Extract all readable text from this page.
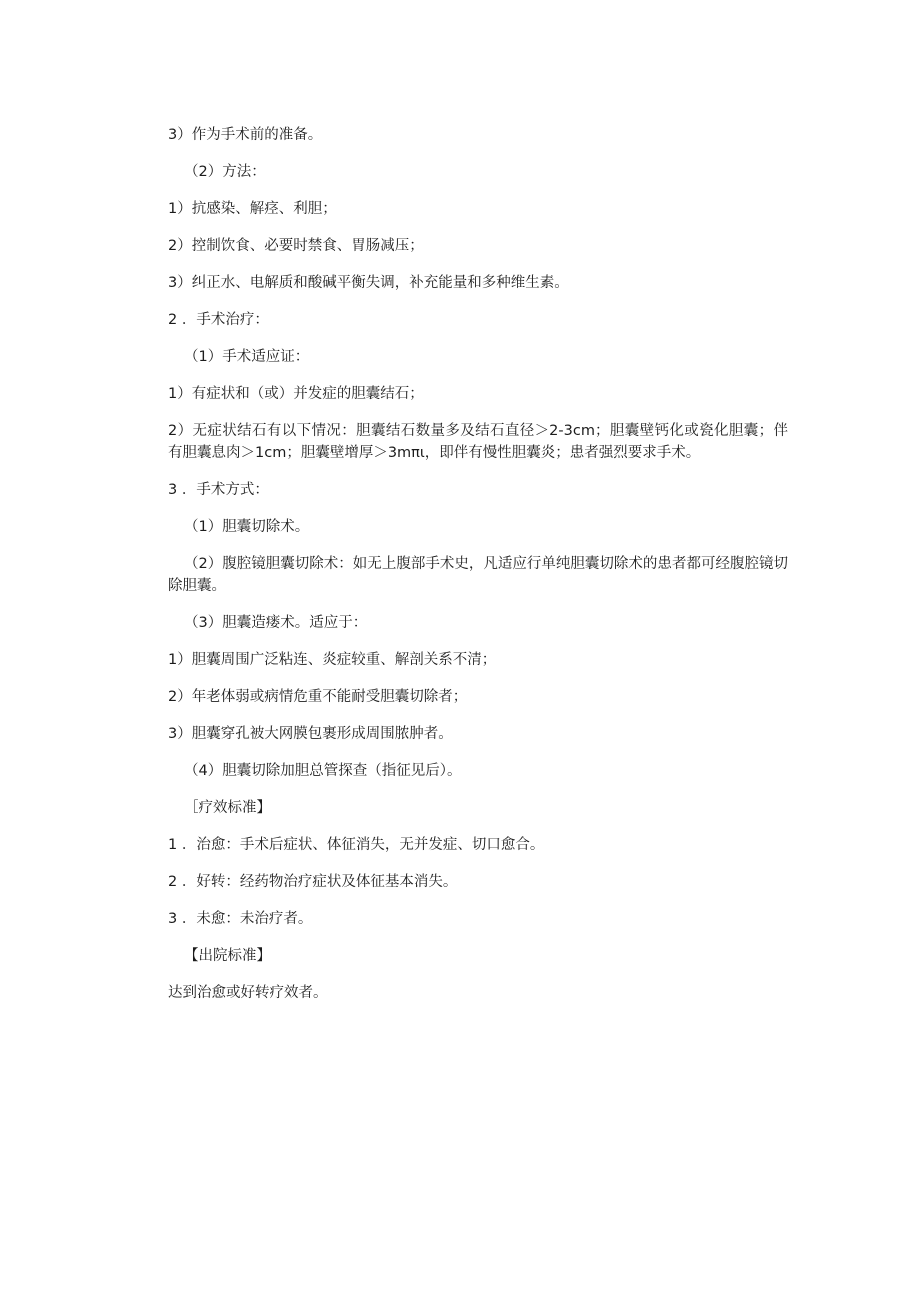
3）作为手术前的准备。

（2）方法：

1）抗感染、解痉、利胆；

2）控制饮食、必要时禁食、胃肠减压；

3）纠正水、电解质和酸碱平衡失调，补充能量和多种维生素。

2 ．手术治疗：

（1）手术适应证：

1）有症状和（或）并发症的胆囊结石；

2）无症状结石有以下情况：胆囊结石数量多及结石直径＞2-3cm；胆囊壁钙化或瓷化胆囊；伴有胆囊息肉＞1cm；胆囊壁增厚＞3mπι，即伴有慢性胆囊炎；患者强烈要求手术。

3 ．手术方式：

（1）胆囊切除术。

（2）腹腔镜胆囊切除术：如无上腹部手术史，凡适应行单纯胆囊切除术的患者都可经腹腔镜切除胆囊。

（3）胆囊造瘘术。适应于：

1）胆囊周围广泛粘连、炎症较重、解剖关系不清；

2）年老体弱或病情危重不能耐受胆囊切除者；

3）胆囊穿孔被大网膜包裹形成周围脓肿者。

（4）胆囊切除加胆总管探查（指征见后）。

［疗效标准】

1 ．治愈：手术后症状、体征消失，无并发症、切口愈合。

2 ．好转：经药物治疗症状及体征基本消失。

3 ．未愈：未治疗者。

【出院标准】

达到治愈或好转疗效者。
